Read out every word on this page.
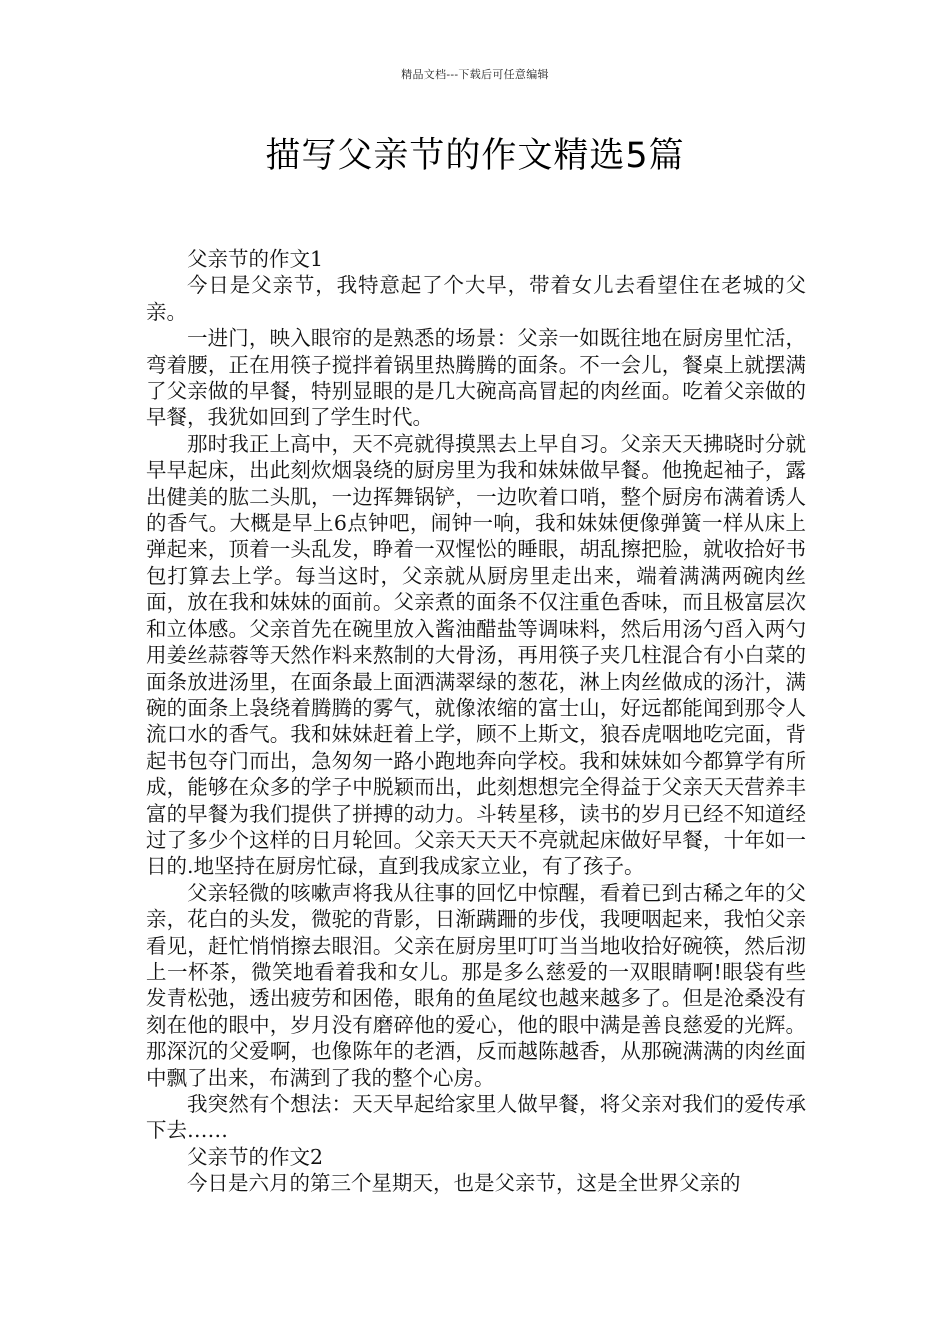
精品文档---下载后可任意编辑
描写父亲节的作文精选5篇

父亲节的作文1

今日是父亲节，我特意起了个大早，带着女儿去看望住在老城的父亲。

一进门，映入眼帘的是熟悉的场景：父亲一如既往地在厨房里忙活，弯着腰，正在用筷子搅拌着锅里热腾腾的面条。不一会儿，餐桌上就摆满了父亲做的早餐，特别显眼的是几大碗高高冒起的肉丝面。吃着父亲做的早餐，我犹如回到了学生时代。

那时我正上高中，天不亮就得摸黑去上早自习。父亲天天拂晓时分就早早起床，出此刻炊烟袅绕的厨房里为我和妹妹做早餐。他挽起袖子，露出健美的肱二头肌，一边挥舞锅铲，一边吹着口哨，整个厨房布满着诱人的香气。大概是早上6点钟吧，闹钟一响，我和妹妹便像弹簧一样从床上弹起来，顶着一头乱发，睁着一双惺忪的睡眼，胡乱擦把脸，就收拾好书包打算去上学。每当这时，父亲就从厨房里走出来，端着满满两碗肉丝面，放在我和妹妹的面前。父亲煮的面条不仅注重色香味，而且极富层次和立体感。父亲首先在碗里放入酱油醋盐等调味料，然后用汤勺舀入两勺用姜丝蒜蓉等天然作料来熬制的大骨汤，再用筷子夹几柱混合有小白菜的面条放进汤里，在面条最上面洒满翠绿的葱花，淋上肉丝做成的汤汁，满碗的面条上袅绕着腾腾的雾气，就像浓缩的富士山，好远都能闻到那令人流口水的香气。我和妹妹赶着上学，顾不上斯文，狼吞虎咽地吃完面，背起书包夺门而出，急匆匆一路小跑地奔向学校。我和妹妹如今都算学有所成，能够在众多的学子中脱颖而出，此刻想想完全得益于父亲天天营养丰富的早餐为我们提供了拼搏的动力。斗转星移，读书的岁月已经不知道经过了多少个这样的日月轮回。父亲天天天不亮就起床做好早餐，十年如一日的.地坚持在厨房忙碌，直到我成家立业，有了孩子。

父亲轻微的咳嗽声将我从往事的回忆中惊醒，看着已到古稀之年的父亲，花白的头发，微驼的背影，日渐蹒跚的步伐，我哽咽起来，我怕父亲看见，赶忙悄悄擦去眼泪。父亲在厨房里叮叮当当地收拾好碗筷，然后沏上一杯茶，微笑地看着我和女儿。那是多么慈爱的一双眼睛啊!眼袋有些发青松弛，透出疲劳和困倦，眼角的鱼尾纹也越来越多了。但是沧桑没有刻在他的眼中，岁月没有磨碎他的爱心，他的眼中满是善良慈爱的光辉。那深沉的父爱啊，也像陈年的老酒，反而越陈越香，从那碗满满的肉丝面中飘了出来，布满到了我的整个心房。

我突然有个想法：天天早起给家里人做早餐，将父亲对我们的爱传承下去……

父亲节的作文2

今日是六月的第三个星期天，也是父亲节，这是全世界父亲的
